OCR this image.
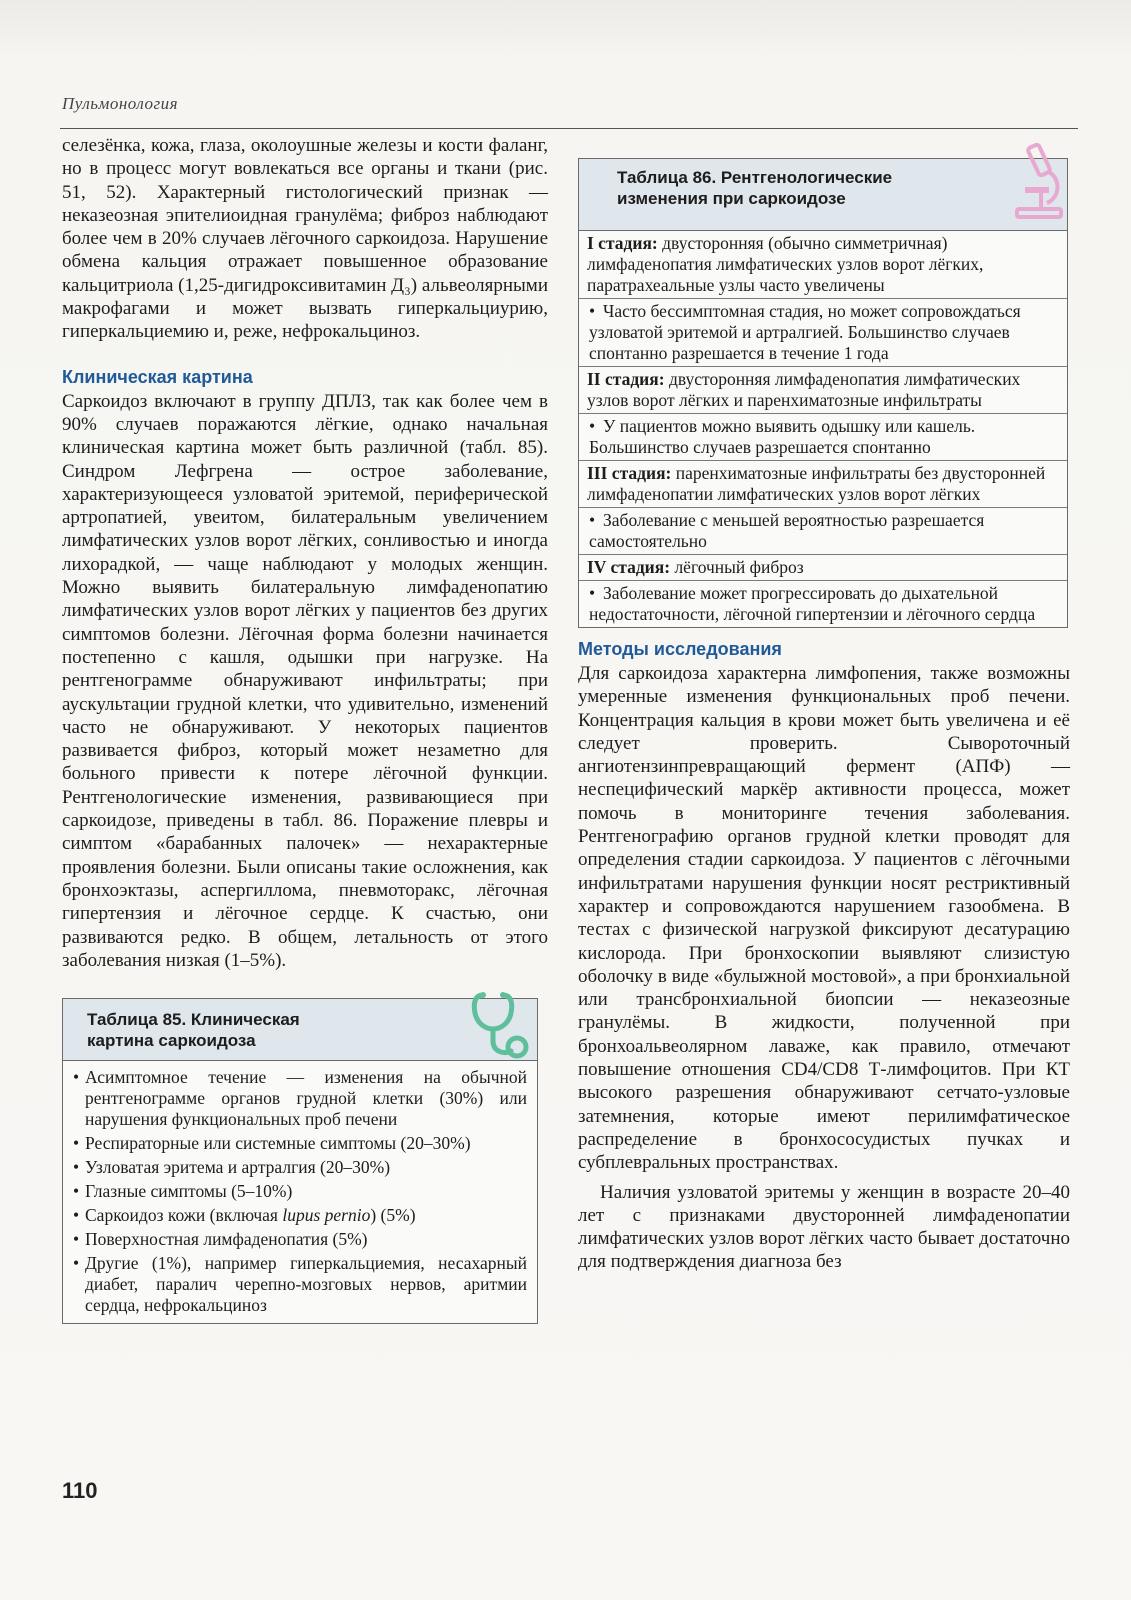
Пульмонология

селезёнка, кожа, глаза, околоушные железы и кости фаланг, но в процесс могут вовлекаться все органы и ткани (рис. 51, 52). Характерный гистологический признак — неказеозная эпителиоидная гранулёма; фиброз наблюдают более чем в 20% случаев лёгочного саркоидоза. Нарушение обмена кальция отражает повышенное образование кальцитриола (1,25-дигидроксивитамин Д₃) альвеолярными макрофагами и может вызвать гиперкальциурию, гиперкальциемию и, реже, нефрокальциноз.

Клиническая картина

Саркоидоз включают в группу ДПЛЗ, так как более чем в 90% случаев поражаются лёгкие, однако начальная клиническая картина может быть различной (табл. 85). Синдром Лефгрена — острое заболевание, характеризующееся узловатой эритемой, периферической артропатией, увеитом, билатеральным увеличением лимфатических узлов ворот лёгких, сонливостью и иногда лихорадкой, — чаще наблюдают у молодых женщин. Можно выявить билатеральную лимфаденопатию лимфатических узлов ворот лёгких у пациентов без других симптомов болезни. Лёгочная форма болезни начинается постепенно с кашля, одышки при нагрузке. На рентгенограмме обнаруживают инфильтраты; при аускультации грудной клетки, что удивительно, изменений часто не обнаруживают. У некоторых пациентов развивается фиброз, который может незаметно для больного привести к потере лёгочной функции. Рентгенологические изменения, развивающиеся при саркоидозе, приведены в табл. 86. Поражение плевры и симптом «барабанных палочек» — нехарактерные проявления болезни. Были описаны такие осложнения, как бронхоэктазы, аспергиллома, пневмоторакс, лёгочная гипертензия и лёгочное сердце. К счастью, они развиваются редко. В общем, летальность от этого заболевания низкая (1–5%).

Таблица 85. Клиническая
картина саркоидоза
• Асимптомное течение — изменения на обычной рентгенограмме органов грудной клетки (30%) или нарушения функциональных проб печени
• Респираторные или системные симптомы (20–30%)
• Узловатая эритема и артралгия (20–30%)
• Глазные симптомы (5–10%)
• Саркоидоз кожи (включая lupus pernio) (5%)
• Поверхностная лимфаденопатия (5%)
• Другие (1%), например гиперкальциемия, несахарный диабет, паралич черепно-мозговых нервов, аритмии сердца, нефрокальциноз
Таблица 86. Рентгенологические
изменения при саркоидозе
I стадия: двусторонняя (обычно симметричная) лимфаденопатия лимфатических узлов ворот лёгких, паратрахеальные узлы часто увеличены
• Часто бессимптомная стадия, но может сопровождаться узловатой эритемой и артралгией. Большинство случаев спонтанно разрешается в течение 1 года
II стадия: двусторонняя лимфаденопатия лимфатических узлов ворот лёгких и паренхиматозные инфильтраты
• У пациентов можно выявить одышку или кашель. Большинство случаев разрешается спонтанно
III стадия: паренхиматозные инфильтраты без двусторонней лимфаденопатии лимфатических узлов ворот лёгких
• Заболевание с меньшей вероятностью разрешается самостоятельно
IV стадия: лёгочный фиброз
• Заболевание может прогрессировать до дыхательной недостаточности, лёгочной гипертензии и лёгочного сердца
Методы исследования

Для саркоидоза характерна лимфопения, также возможны умеренные изменения функциональных проб печени. Концентрация кальция в крови может быть увеличена и её следует проверить. Сывороточный ангиотензинпревращающий фермент (АПФ) — неспецифический маркёр активности процесса, может помочь в мониторинге течения заболевания. Рентгенографию органов грудной клетки проводят для определения стадии саркоидоза. У пациентов с лёгочными инфильтратами нарушения функции носят рестриктивный характер и сопровождаются нарушением газообмена. В тестах с физической нагрузкой фиксируют десатурацию кислорода. При бронхоскопии выявляют слизистую оболочку в виде «булыжной мостовой», а при бронхиальной или трансбронхиальной биопсии — неказеозные гранулёмы. В жидкости, полученной при бронхоальвеолярном лаваже, как правило, отмечают повышение отношения CD4/CD8 Т-лимфоцитов. При КТ высокого разрешения обнаруживают сетчато-узловые затемнения, которые имеют перилимфатическое распределение в бронхососудистых пучках и субплевральных пространствах.

Наличия узловатой эритемы у женщин в возрасте 20–40 лет с признаками двусторонней лимфаденопатии лимфатических узлов ворот лёгких часто бывает достаточно для подтверждения диагноза без

110
